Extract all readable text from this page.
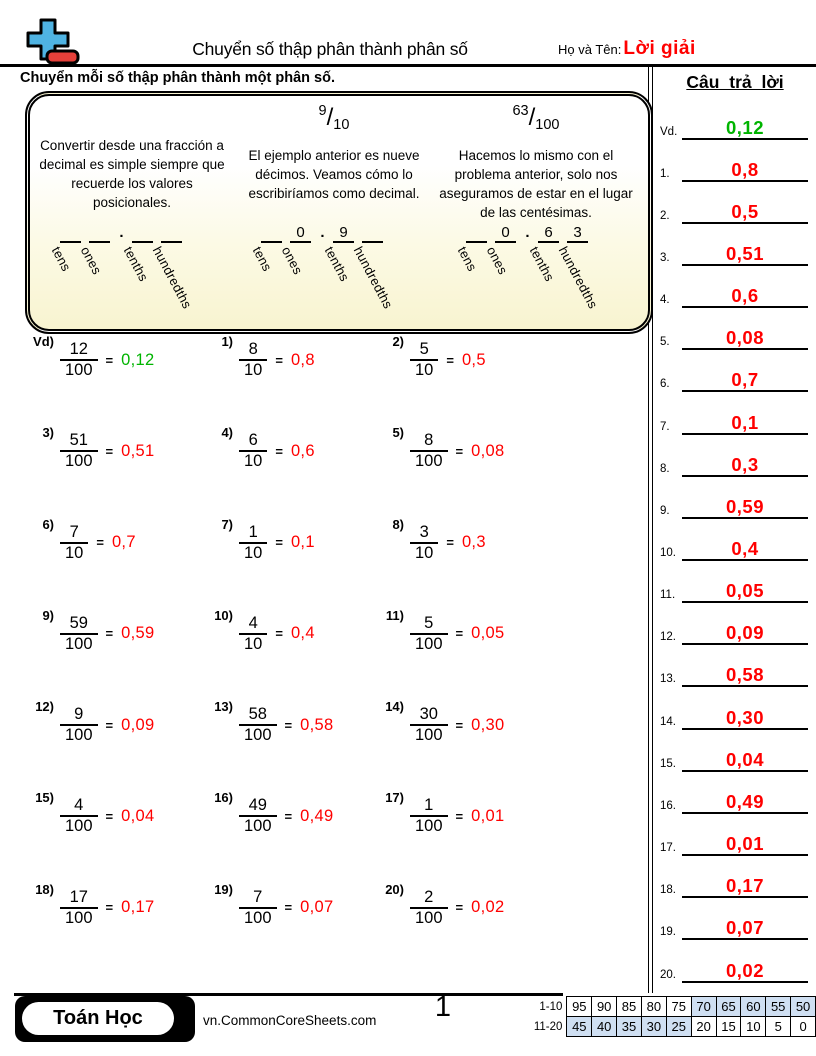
Chuyển số thập phân thành phân số	Họ và Tên: Lời giải
Chuyển mỗi số thập phân thành một phân số.
Convertir desde una fracción a decimal es simple siempre que recuerde los valores posicionales.
9/10
El ejemplo anterior es nueve décimos. Veamos cómo lo escribiríamos como decimal.
63/100
Hacemos lo mismo con el problema anterior, solo nos aseguramos de estar en el lugar de las centésimas.
tens ones
.
tenths
hundredths	tens
0
ones
. 9
tenths
hundredths	tens
0
ones
. 6
tenths
3
hundredths
$Vd) \frac{12}{100} = 0,12$
$1) \frac{8}{10} = 0,8$
$2) \frac{5}{10} = 0,5$
$3) \frac{51}{100} = 0,51$
$4) \frac{6}{10} = 0,6$
$5) \frac{8}{100} = 0,08$
$6) \frac{7}{10} = 0,7$
$7) \frac{1}{10} = 0,1$
$8) \frac{3}{10} = 0,3$
$9) \frac{59}{100} = 0,59$
$10) \frac{4}{10} = 0,4$
$11) \frac{5}{100} = 0,05$
$12) \frac{9}{100} = 0,09$
$13) \frac{58}{100} = 0,58$
$14) \frac{30}{100} = 0,30$
$15) \frac{4}{100} = 0,04$
$16) \frac{49}{100} = 0,49$
$17) \frac{1}{100} = 0,01$
$18) \frac{17}{100} = 0,17$
$19) \frac{7}{100} = 0,07$
$20) \frac{2}{100} = 0,02$
Câu trả lời
Vd.	0,12
1.	0,8
2.	0,5
3.	0,51
4.	0,6
5.	0,08
6.	0,7
7.	0,1
8.	0,3
9.	0,59
10.	0,4
11.	0,05
12.	0,09
13.	0,58
14.	0,30
15.	0,04
16.	0,49
17.	0,01
18.	0,17
19.	0,07
20.	0,02
Toán Học	vn.CommonCoreSheets.com	1	1-10	95	90	85	80	75	70	65	60	55	50
11-20	45	40	35	30	25	20	15	10	5	0
